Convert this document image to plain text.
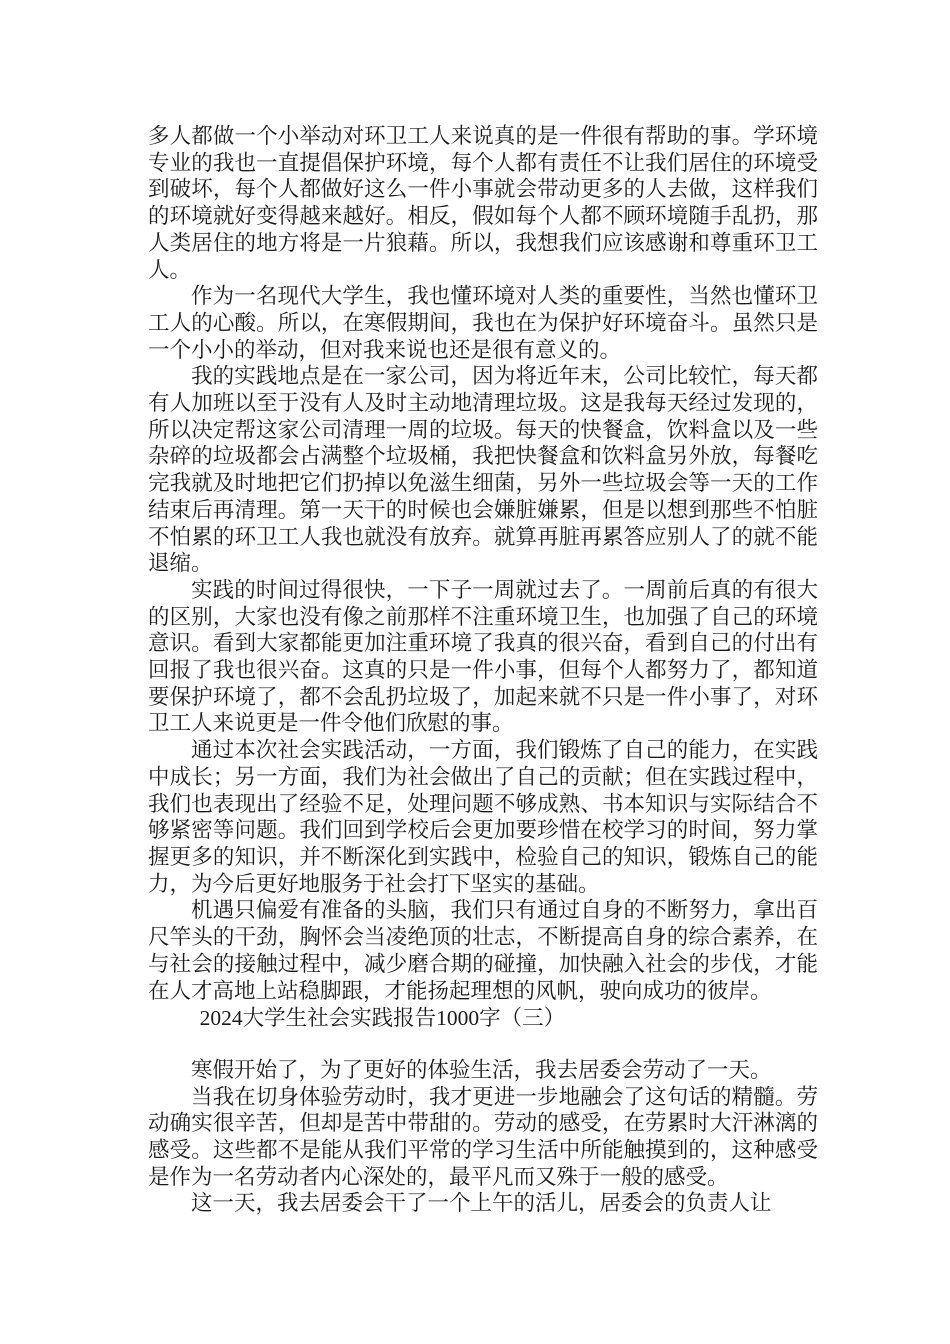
多人都做一个小举动对环卫工人来说真的是一件很有帮助的事。学环境专业的我也一直提倡保护环境，每个人都有责任不让我们居住的环境受到破坏，每个人都做好这么一件小事就会带动更多的人去做，这样我们的环境就好变得越来越好。相反，假如每个人都不顾环境随手乱扔，那人类居住的地方将是一片狼藉。所以，我想我们应该感谢和尊重环卫工人。

作为一名现代大学生，我也懂环境对人类的重要性，当然也懂环卫工人的心酸。所以，在寒假期间，我也在为保护好环境奋斗。虽然只是一个小小的举动，但对我来说也还是很有意义的。

我的实践地点是在一家公司，因为将近年末，公司比较忙，每天都有人加班以至于没有人及时主动地清理垃圾。这是我每天经过发现的，所以决定帮这家公司清理一周的垃圾。每天的快餐盒，饮料盒以及一些杂碎的垃圾都会占满整个垃圾桶，我把快餐盒和饮料盒另外放，每餐吃完我就及时地把它们扔掉以免滋生细菌，另外一些垃圾会等一天的工作结束后再清理。第一天干的时候也会嫌脏嫌累，但是以想到那些不怕脏不怕累的环卫工人我也就没有放弃。就算再脏再累答应别人了的就不能退缩。

实践的时间过得很快，一下子一周就过去了。一周前后真的有很大的区别，大家也没有像之前那样不注重环境卫生，也加强了自己的环境意识。看到大家都能更加注重环境了我真的很兴奋，看到自己的付出有回报了我也很兴奋。这真的只是一件小事，但每个人都努力了，都知道要保护环境了，都不会乱扔垃圾了，加起来就不只是一件小事了，对环卫工人来说更是一件令他们欣慰的事。

通过本次社会实践活动，一方面，我们锻炼了自己的能力，在实践中成长；另一方面，我们为社会做出了自己的贡献；但在实践过程中，我们也表现出了经验不足，处理问题不够成熟、书本知识与实际结合不够紧密等问题。我们回到学校后会更加要珍惜在校学习的时间，努力掌握更多的知识，并不断深化到实践中，检验自己的知识，锻炼自己的能力，为今后更好地服务于社会打下坚实的基础。

机遇只偏爱有准备的头脑，我们只有通过自身的不断努力，拿出百尺竿头的干劲，胸怀会当凌绝顶的壮志，不断提高自身的综合素养，在与社会的接触过程中，减少磨合期的碰撞，加快融入社会的步伐，才能在人才高地上站稳脚跟，才能扬起理想的风帆，驶向成功的彼岸。

2024大学生社会实践报告1000字（三）

寒假开始了，为了更好的体验生活，我去居委会劳动了一天。

当我在切身体验劳动时，我才更进一步地融会了这句话的精髓。劳动确实很辛苦，但却是苦中带甜的。劳动的感受，在劳累时大汗淋漓的感受。这些都不是能从我们平常的学习生活中所能触摸到的，这种感受是作为一名劳动者内心深处的，最平凡而又殊于一般的感受。

这一天，我去居委会干了一个上午的活儿，居委会的负责人让
